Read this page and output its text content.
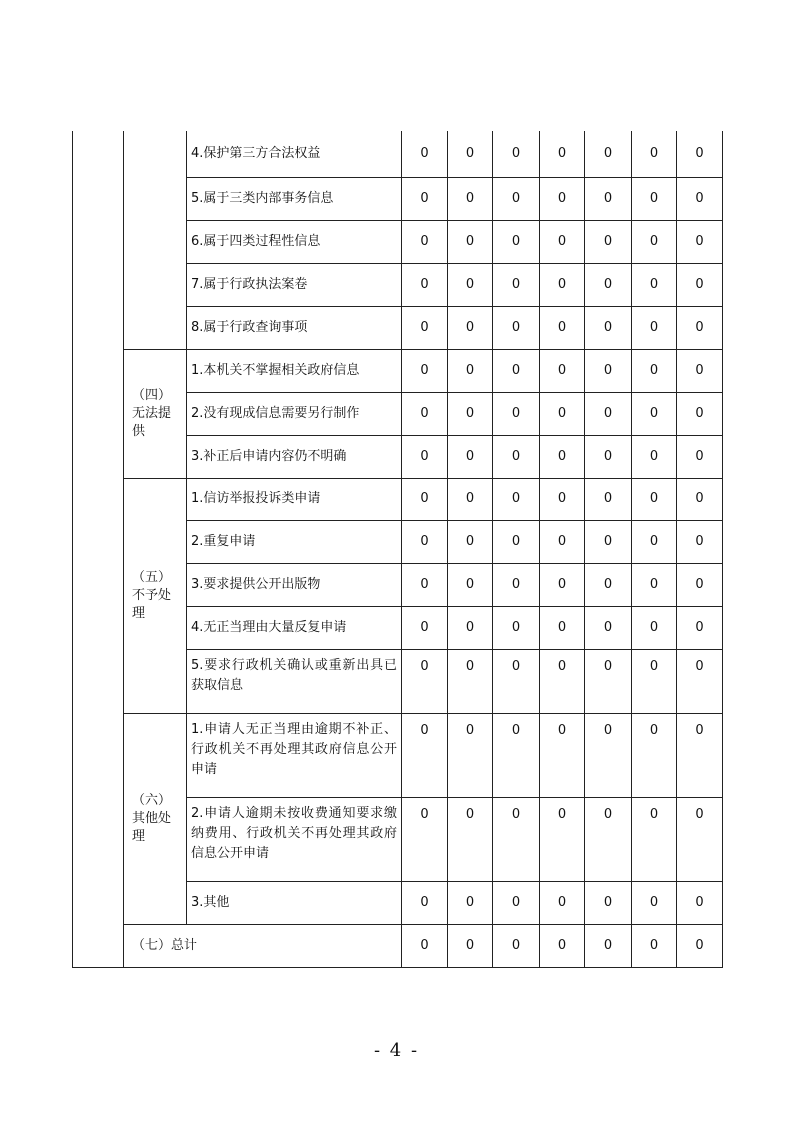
		4.保护第三方合法权益	0	0	0	0	0	0	0
		5.属于三类内部事务信息	0	0	0	0	0	0	0
		6.属于四类过程性信息	0	0	0	0	0	0	0
		7.属于行政执法案卷	0	0	0	0	0	0	0
		8.属于行政查询事项	0	0	0	0	0	0	0
	（四）无法提供	1.本机关不掌握相关政府信息	0	0	0	0	0	0	0
		2.没有现成信息需要另行制作	0	0	0	0	0	0	0
		3.补正后申请内容仍不明确	0	0	0	0	0	0	0
	（五）不予处理	1.信访举报投诉类申请	0	0	0	0	0	0	0
		2.重复申请	0	0	0	0	0	0	0
		3.要求提供公开出版物	0	0	0	0	0	0	0
		4.无正当理由大量反复申请	0	0	0	0	0	0	0
		5.要求行政机关确认或重新出具已获取信息	0	0	0	0	0	0	0
	（六）其他处理	1.申请人无正当理由逾期不补正、行政机关不再处理其政府信息公开申请	0	0	0	0	0	0	0
		2.申请人逾期未按收费通知要求缴纳费用、行政机关不再处理其政府信息公开申请	0	0	0	0	0	0	0
		3.其他	0	0	0	0	0	0	0
	（七）总计		0	0	0	0	0	0	0
- 4 -
